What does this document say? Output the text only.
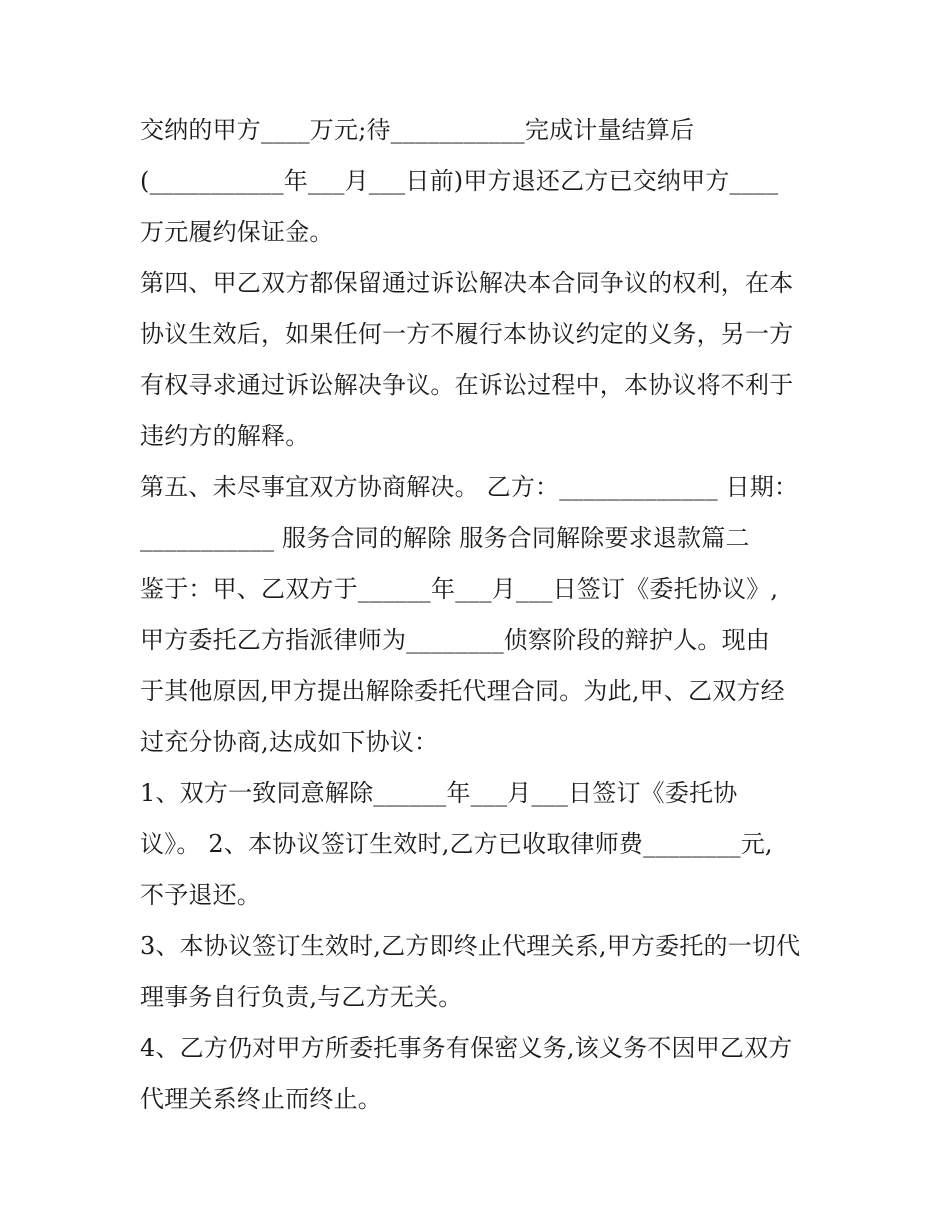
交纳的甲方____万元;待___________完成计量结算后
(___________年___月___日前)甲方退还乙方已交纳甲方____
万元履约保证金。
第四、甲乙双方都保留通过诉讼解决本合同争议的权利，在本
协议生效后，如果任何一方不履行本协议约定的义务，另一方
有权寻求通过诉讼解决争议。在诉讼过程中，本协议将不利于
违约方的解释。
第五、未尽事宜双方协商解决。 乙方：_____________ 日期：
___________ 服务合同的解除 服务合同解除要求退款篇二
鉴于：甲、乙双方于______年___月___日签订《委托协议》,
甲方委托乙方指派律师为________侦察阶段的辩护人。现由
于其他原因,甲方提出解除委托代理合同。为此,甲、乙双方经
过充分协商,达成如下协议：
1、双方一致同意解除______年___月___日签订《委托协
议》。 2、本协议签订生效时,乙方已收取律师费________元,
不予退还。
3、本协议签订生效时,乙方即终止代理关系,甲方委托的一切代
理事务自行负责,与乙方无关。
4、乙方仍对甲方所委托事务有保密义务,该义务不因甲乙双方
代理关系终止而终止。
